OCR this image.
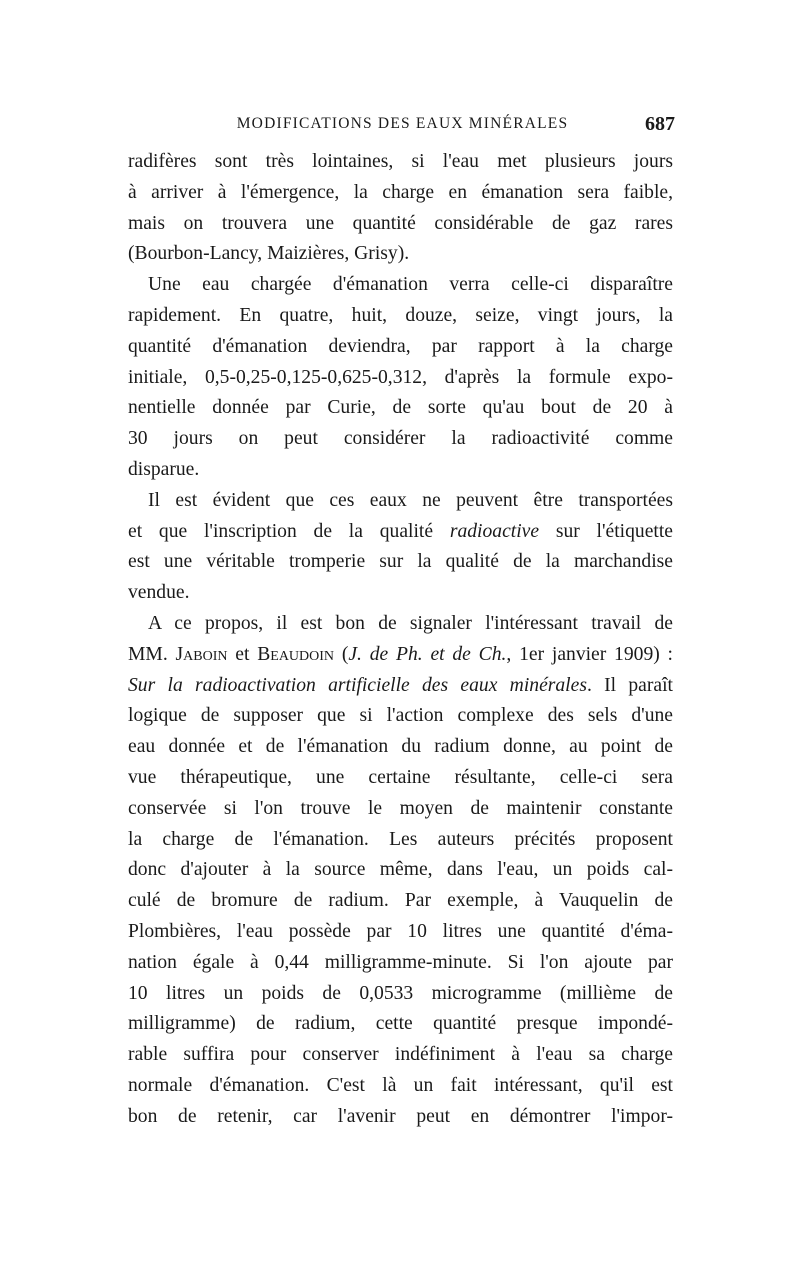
MODIFICATIONS DES EAUX MINÉRALES	687
radifères sont très lointaines, si l'eau met plusieurs jours
à arriver à l'émergence, la charge en émanation sera faible,
mais on trouvera une quantité considérable de gaz rares
(Bourbon-Lancy, Maizières, Grisy).
Une eau chargée d'émanation verra celle-ci disparaître
rapidement. En quatre, huit, douze, seize, vingt jours, la
quantité d'émanation deviendra, par rapport à la charge
initiale, 0,5-0,25-0,125-0,625-0,312, d'après la formule expo-
nentielle donnée par Curie, de sorte qu'au bout de 20 à
30 jours on peut considérer la radioactivité comme
disparue.
Il est évident que ces eaux ne peuvent être transportées
et que l'inscription de la qualité radioactive sur l'étiquette
est une véritable tromperie sur la qualité de la marchandise
vendue.
A ce propos, il est bon de signaler l'intéressant travail de
MM. Jaboin et Beaudoin (J. de Ph. et de Ch., 1er janvier 1909) :
Sur la radioactivation artificielle des eaux minérales. Il paraît
logique de supposer que si l'action complexe des sels d'une
eau donnée et de l'émanation du radium donne, au point de
vue thérapeutique, une certaine résultante, celle-ci sera
conservée si l'on trouve le moyen de maintenir constante
la charge de l'émanation. Les auteurs précités proposent
donc d'ajouter à la source même, dans l'eau, un poids cal-
culé de bromure de radium. Par exemple, à Vauquelin de
Plombières, l'eau possède par 10 litres une quantité d'éma-
nation égale à 0,44 milligramme-minute. Si l'on ajoute par
10 litres un poids de 0,0533 microgramme (millième de
milligramme) de radium, cette quantité presque impondé-
rable suffira pour conserver indéfiniment à l'eau sa charge
normale d'émanation. C'est là un fait intéressant, qu'il est
bon de retenir, car l'avenir peut en démontrer l'impor-
